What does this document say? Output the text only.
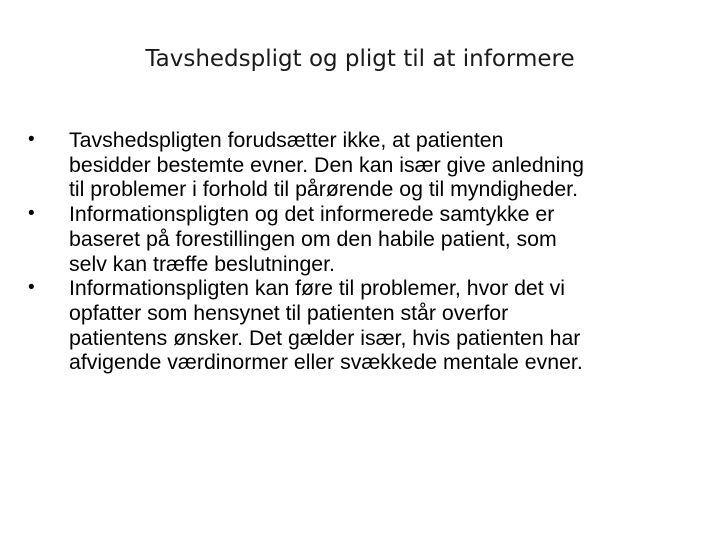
Tavshedspligt og pligt til at informere
•	Tavshedspligten forudsætter ikke, at patienten
besidder bestemte evner. Den kan især give anledning
til problemer i forhold til pårørende og til myndigheder.
•	Informationspligten og det informerede samtykke er
baseret på forestillingen om den habile patient, som
selv kan træffe beslutninger.
•	Informationspligten kan føre til problemer, hvor det vi
opfatter som hensynet til patienten står overfor
patientens ønsker. Det gælder især, hvis patienten har
afvigende værdinormer eller svækkede mentale evner.
